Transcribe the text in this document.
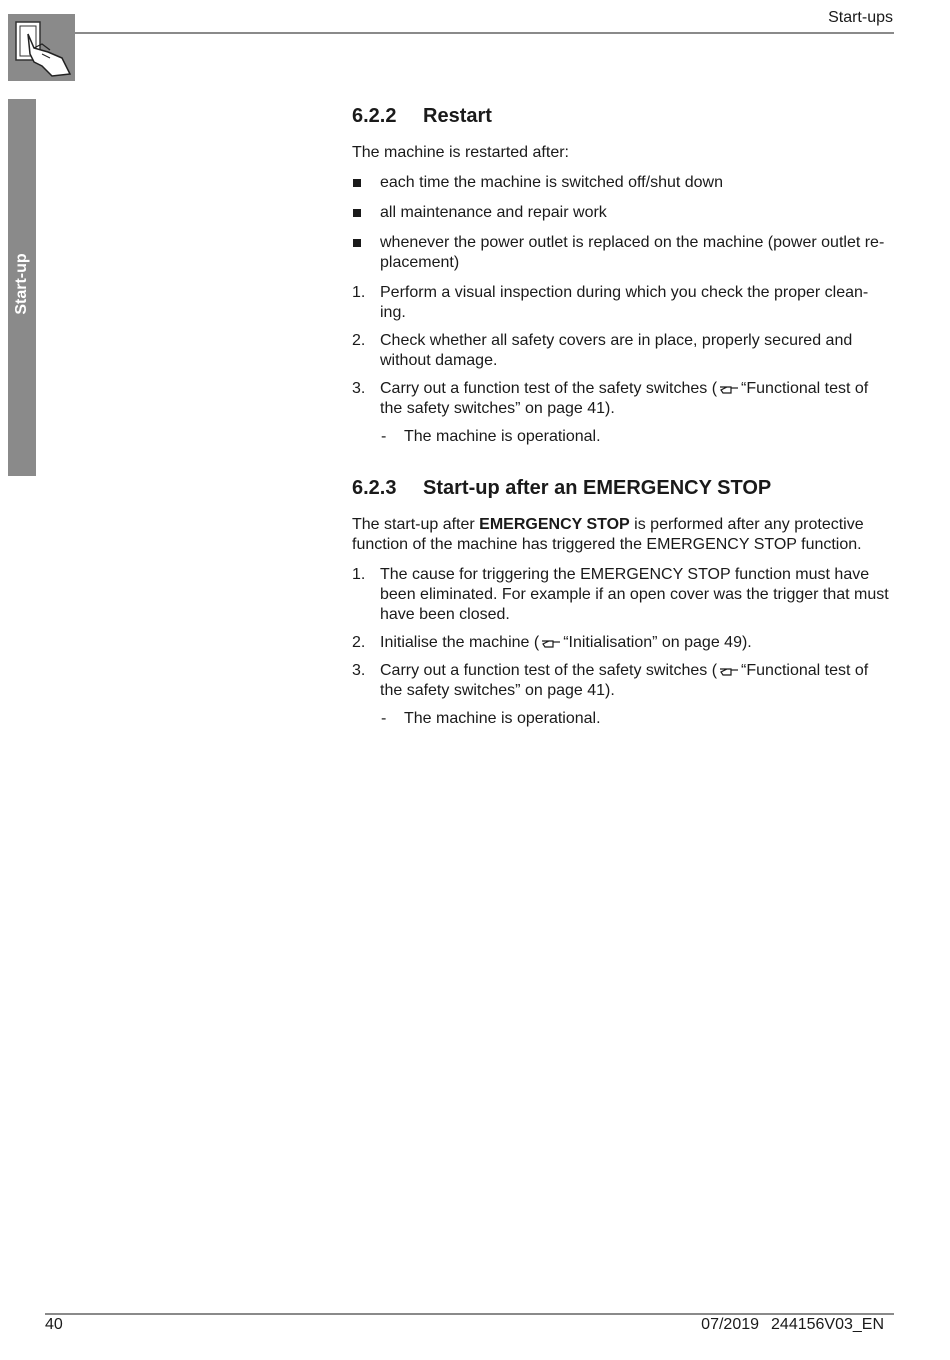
Start-ups
Start-up
6.2.2 Restart

The machine is restarted after:

each time the machine is switched off/shut down
all maintenance and repair work
whenever the power outlet is replaced on the machine (power outlet re-placement)
1. Perform a visual inspection during which you check the proper clean-ing.
2. Check whether all safety covers are in place, properly secured and without damage.
3. Carry out a function test of the safety switches ( “Functional test of the safety switches” on page 41).
- The machine is operational.
6.2.3 Start-up after an EMERGENCY STOP

The start-up after EMERGENCY STOP is performed after any protective function of the machine has triggered the EMERGENCY STOP function.

1. The cause for triggering the EMERGENCY STOP function must have been eliminated. For example if an open cover was the trigger that must have been closed.
2. Initialise the machine ( “Initialisation” on page 49).
3. Carry out a function test of the safety switches ( “Functional test of the safety switches” on page 41).
- The machine is operational.
40	07/2019 244156V03_EN
